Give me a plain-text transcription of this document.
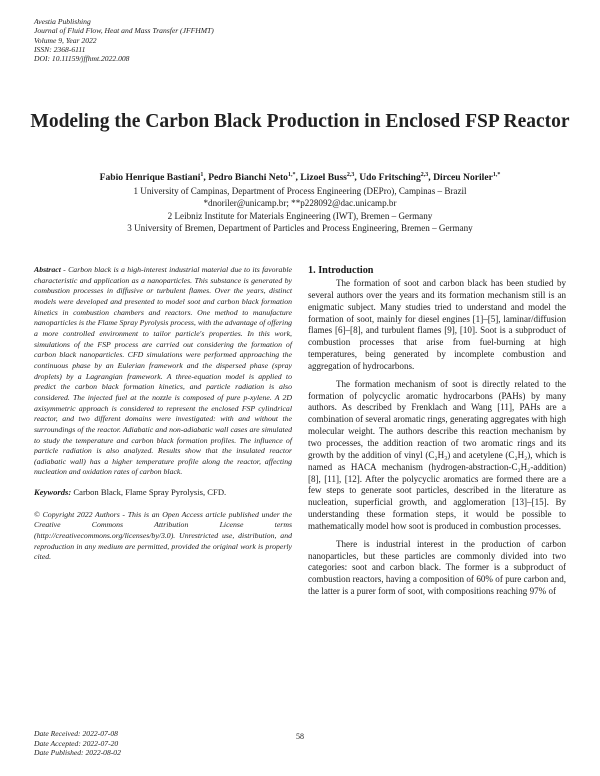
Avestia Publishing
Journal of Fluid Flow, Heat and Mass Transfer (JFFHMT)
Volume 9, Year 2022
ISSN: 2368-6111
DOI: 10.11159/jffhmt.2022.008
Modeling the Carbon Black Production in Enclosed FSP Reactor
Fabio Henrique Bastiani$^1$, Pedro Bianchi Neto$^{1,*}$, Lizoel Buss$^{2,3}$, Udo Fritsching$^{2,3}$, Dirceu Noriler$^{1,*}$
1 University of Campinas, Department of Process Engineering (DEPro), Campinas – Brazil
*dnoriler@unicamp.br; **p228092@dac.unicamp.br
2 Leibniz Institute for Materials Engineering (IWT), Bremen – Germany
3 University of Bremen, Department of Particles and Process Engineering, Bremen – Germany

Abstract - Carbon black is a high-interest industrial material due to its favorable characteristic and application as a nanoparticles. This substance is generated by combustion processes in diffusive or turbulent flames. Over the years, distinct models were developed and presented to model soot and carbon black formation kinetics in combustion chambers and reactors. One method to manufacture nanoparticles is the Flame Spray Pyrolysis process, with the advantage of offering a more controlled environment to tailor particle's properties. In this work, simulations of the FSP process are carried out considering the formation of carbon black nanoparticles. CFD simulations were performed approaching the continuous phase by an Eulerian framework and the dispersed phase (spray droplets) by a Lagrangian framework. A three-equation model is applied to predict the carbon black formation kinetics, and particle radiation is also considered. The injected fuel at the nozzle is composed of pure p-xylene. A 2D axisymmetric approach is considered to represent the enclosed FSP cylindrical reactor, and two different domains were investigated: with and without the surroundings of the reactor. Adiabatic and non-adiabatic wall cases are simulated to study the temperature and carbon black formation profiles. The influence of particle radiation is also analyzed. Results show that the insulated reactor (adiabatic wall) has a higher temperature profile along the reactor, affecting nucleation and oxidation rates of carbon black.

Keywords: Carbon Black, Flame Spray Pyrolysis, CFD.

© Copyright 2022 Authors - This is an Open Access article published under the Creative Commons Attribution License terms (http://creativecommons.org/licenses/by/3.0). Unrestricted use, distribution, and reproduction in any medium are permitted, provided the original work is properly cited.

1. Introduction

The formation of soot and carbon black has been studied by several authors over the years and its formation mechanism still is an enigmatic subject. Many studies tried to understand and model the formation of soot, mainly for diesel engines [1]–[5], laminar/diffusion flames [6]–[8], and turbulent flames [9], [10]. Soot is a subproduct of combustion processes that arise from fuel-burning at high temperatures, being generated by incomplete combustion and aggregation of hydrocarbons.

The formation mechanism of soot is directly related to the formation of polycyclic aromatic hydrocarbons (PAHs) by many authors. As described by Frenklach and Wang [11], PAHs are a combination of several aromatic rings, generating aggregates with high molecular weight. The authors describe this reaction mechanism by two processes, the addition reaction of two aromatic rings and its growth by the addition of vinyl (C₂H₃) and acetylene (C₂H₂), which is named as HACA mechanism (hydrogen-abstraction-C₂H₂-addition) [8], [11], [12]. After the polycyclic aromatics are formed there are a few steps to generate soot particles, described in the literature as nucleation, superficial growth, and agglomeration [13]–[15]. By understanding these formation steps, it would be possible to mathematically model how soot is produced in combustion processes.

There is industrial interest in the production of carbon nanoparticles, but these particles are commonly divided into two categories: soot and carbon black. The former is a subproduct of combustion reactors, having a composition of 60% of pure carbon and, the latter is a purer form of soot, with compositions reaching 97% of

Date Received: 2022-07-08
Date Accepted: 2022-07-20
Date Published: 2022-08-02
58
